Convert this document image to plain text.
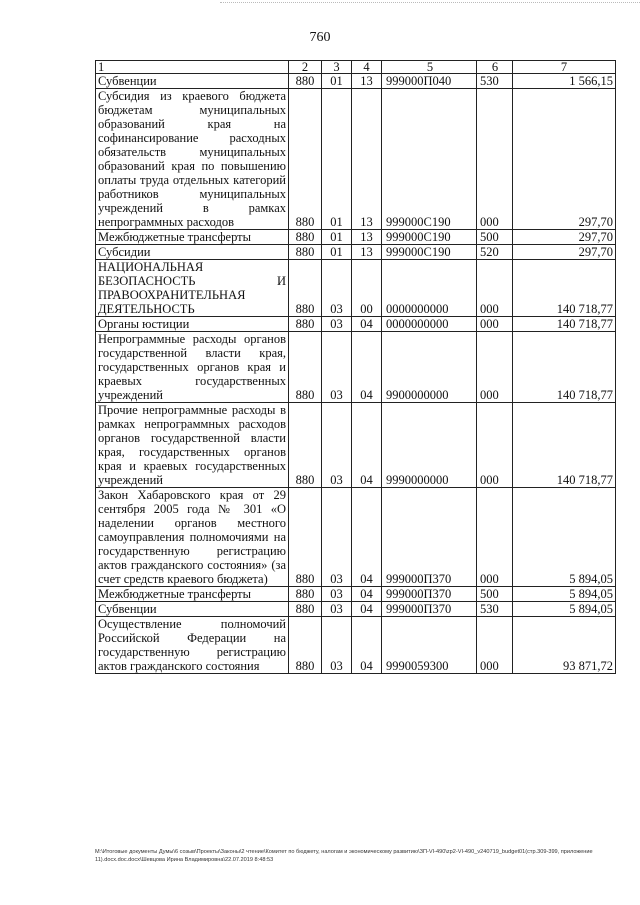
760
1	2	3	4	5	6	7
Субвенции	880	01	13	999000П040	530	1 566,15
Субсидия из краевого бюджета бюджетам муниципальных образований края на софинансирование расходных обязательств муниципальных образований края по повышению оплаты труда отдельных категорий работников муниципальных учреждений в рамках непрограммных расходов	880	01	13	999000С190	000	297,70
Межбюджетные трансферты	880	01	13	999000С190	500	297,70
Субсидии	880	01	13	999000С190	520	297,70
НАЦИОНАЛЬНАЯ БЕЗОПАСНОСТЬ И ПРАВООХРАНИТЕЛЬНАЯ ДЕЯТЕЛЬНОСТЬ	880	03	00	0000000000	000	140 718,77
Органы юстиции	880	03	04	0000000000	000	140 718,77
Непрограммные расходы органов государственной власти края, государственных органов края и краевых государственных учреждений	880	03	04	9900000000	000	140 718,77
Прочие непрограммные расходы в рамках непрограммных расходов органов государственной власти края, государственных органов края и краевых государственных учреждений	880	03	04	9990000000	000	140 718,77
Закон Хабаровского края от 29 сентября 2005 года № 301 «О наделении органов местного самоуправления полномочиями на государственную регистрацию актов гражданского состояния» (за счет средств краевого бюджета)	880	03	04	999000П370	000	5 894,05
Межбюджетные трансферты	880	03	04	999000П370	500	5 894,05
Субвенции	880	03	04	999000П370	530	5 894,05
Осуществление полномочий Российской Федерации на государственную регистрацию актов гражданского состояния	880	03	04	9990059300	000	93 871,72
M:\Итоговые документы Думы\6 созыв\Проекты\Законы\2 чтение\Комитет по бюджету, налогам и экономическому развитию\ЗП-VI-490\zp2-VI-490_v240719_budget01(стр.309-399, приложение 11).docx.doc.docx\Шевцова Ирина Владимировна\22.07.2019 8:48:53
